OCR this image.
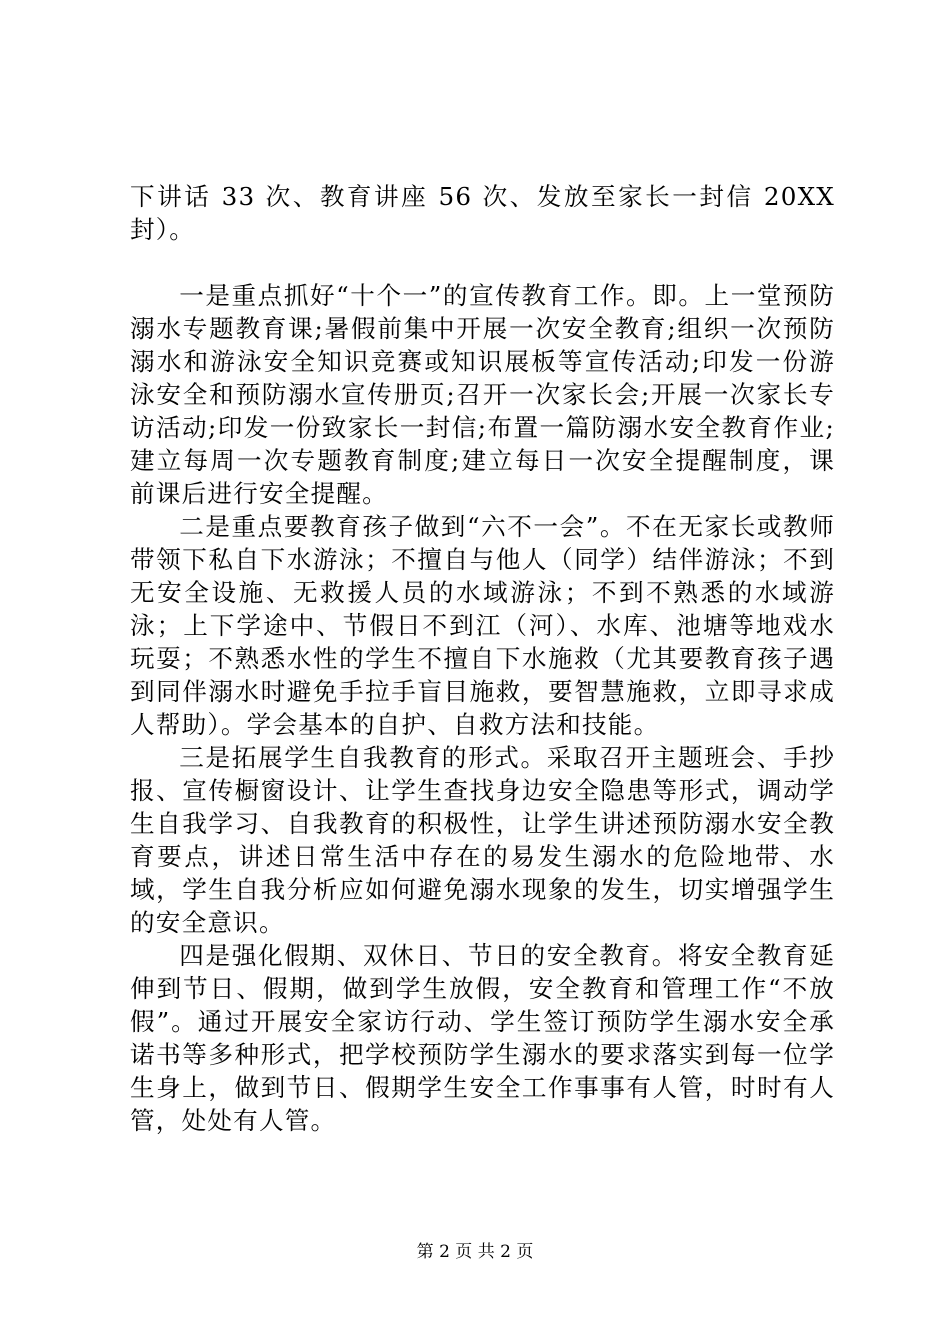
下讲话 33 次、教育讲座 56 次、发放至家长一封信 20XX 封）。

一是重点抓好“十个一”的宣传教育工作。即。上一堂预防溺水专题教育课;暑假前集中开展一次安全教育;组织一次预防溺水和游泳安全知识竞赛或知识展板等宣传活动;印发一份游泳安全和预防溺水宣传册页;召开一次家长会;开展一次家长专访活动;印发一份致家长一封信;布置一篇防溺水安全教育作业;建立每周一次专题教育制度;建立每日一次安全提醒制度，课前课后进行安全提醒。

二是重点要教育孩子做到“六不一会”。不在无家长或教师带领下私自下水游泳；不擅自与他人（同学）结伴游泳；不到无安全设施、无救援人员的水域游泳；不到不熟悉的水域游泳；上下学途中、节假日不到江（河）、水库、池塘等地戏水玩耍；不熟悉水性的学生不擅自下水施救（尤其要教育孩子遇到同伴溺水时避免手拉手盲目施救，要智慧施救，立即寻求成人帮助）。学会基本的自护、自救方法和技能。

三是拓展学生自我教育的形式。采取召开主题班会、手抄报、宣传橱窗设计、让学生查找身边安全隐患等形式，调动学生自我学习、自我教育的积极性，让学生讲述预防溺水安全教育要点，讲述日常生活中存在的易发生溺水的危险地带、水域，学生自我分析应如何避免溺水现象的发生，切实增强学生的安全意识。

四是强化假期、双休日、节日的安全教育。将安全教育延伸到节日、假期，做到学生放假，安全教育和管理工作“不放假”。通过开展安全家访行动、学生签订预防学生溺水安全承诺书等多种形式，把学校预防学生溺水的要求落实到每一位学生身上，做到节日、假期学生安全工作事事有人管，时时有人管，处处有人管。

第 2 页 共 2 页
